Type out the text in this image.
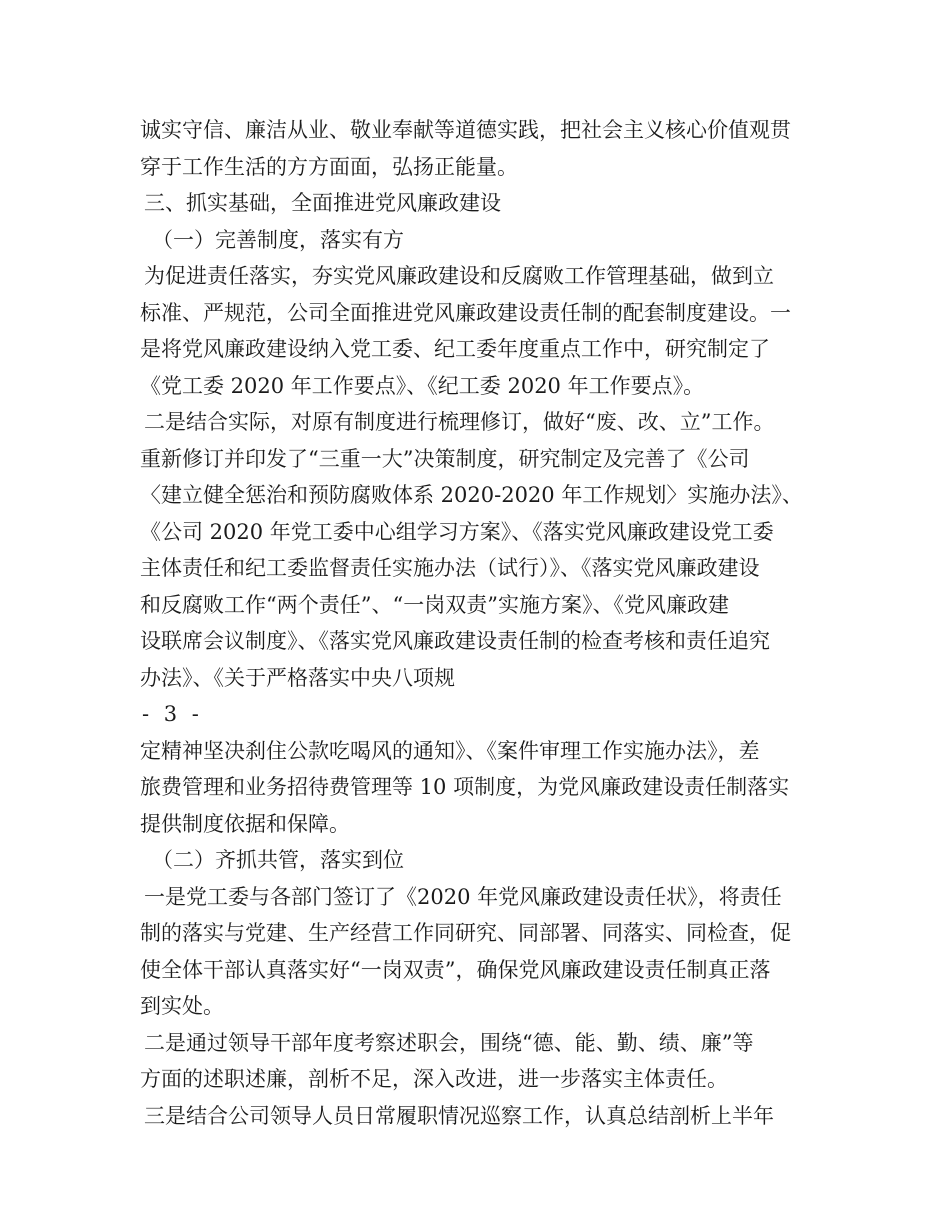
诚实守信、廉洁从业、敬业奉献等道德实践，把社会主义核心价值观贯
穿于工作生活的方方面面，弘扬正能量。
三、抓实基础，全面推进党风廉政建设
（一）完善制度，落实有方
为促进责任落实，夯实党风廉政建设和反腐败工作管理基础，做到立
标准、严规范，公司全面推进党风廉政建设责任制的配套制度建设。一
是将党风廉政建设纳入党工委、纪工委年度重点工作中，研究制定了
《党工委 2020 年工作要点》、《纪工委 2020 年工作要点》。
二是结合实际，对原有制度进行梳理修订，做好“废、改、立”工作。
重新修订并印发了“三重一大”决策制度，研究制定及完善了《公司
〈建立健全惩治和预防腐败体系 2020-2020 年工作规划〉实施办法》、
《公司 2020 年党工委中心组学习方案》、《落实党风廉政建设党工委
主体责任和纪工委监督责任实施办法（试行）》、《落实党风廉政建设
和反腐败工作“两个责任”、“一岗双责”实施方案》、《党风廉政建
设联席会议制度》、《落实党风廉政建设责任制的检查考核和责任追究
办法》、《关于严格落实中央八项规
- 3 -
定精神坚决刹住公款吃喝风的通知》、《案件审理工作实施办法》，差
旅费管理和业务招待费管理等 10 项制度，为党风廉政建设责任制落实
提供制度依据和保障。
（二）齐抓共管，落实到位
一是党工委与各部门签订了《2020 年党风廉政建设责任状》，将责任
制的落实与党建、生产经营工作同研究、同部署、同落实、同检查，促
使全体干部认真落实好“一岗双责”，确保党风廉政建设责任制真正落
到实处。
二是通过领导干部年度考察述职会，围绕“德、能、勤、绩、廉”等
方面的述职述廉，剖析不足，深入改进，进一步落实主体责任。
三是结合公司领导人员日常履职情况巡察工作，认真总结剖析上半年
